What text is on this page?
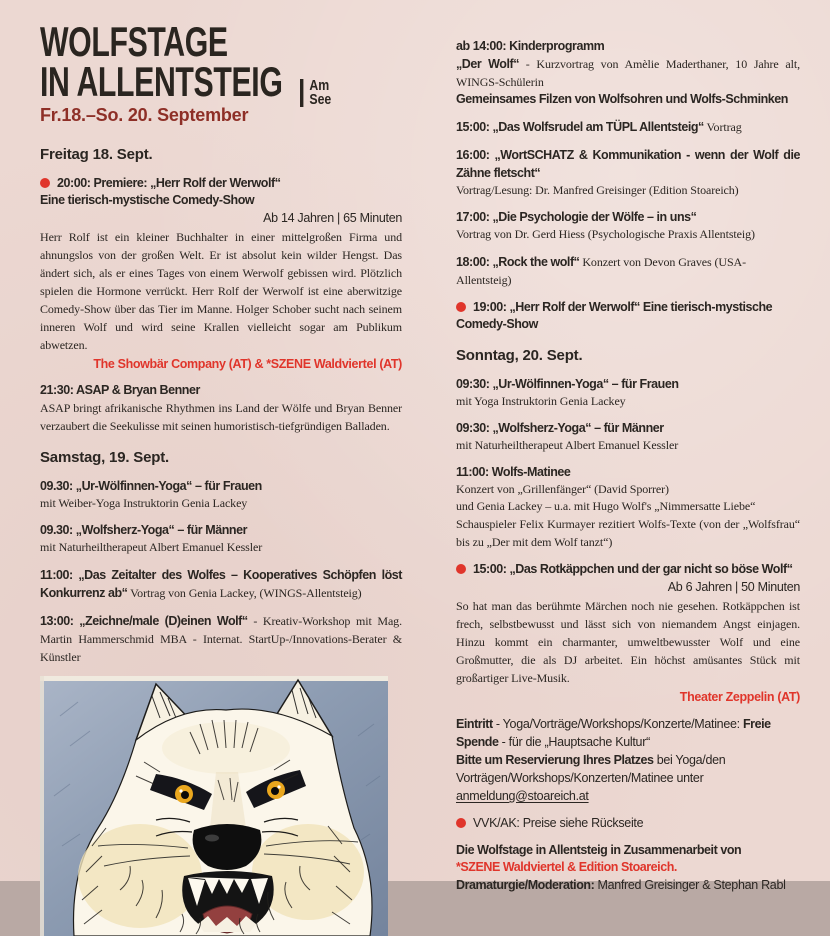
WOLFSTAGE
IN ALLENTSTEIG	Am
See
Fr.18.–So. 20. September
Freitag 18. Sept.
20:00: Premiere: „Herr Rolf der Werwolf“
Eine tierisch-mystische Comedy-Show
Ab 14 Jahren | 65 Minuten
Herr Rolf ist ein kleiner Buchhalter in einer mittelgroßen Firma und ahnungslos von der großen Welt. Er ist absolut kein wilder Hengst. Das ändert sich, als er eines Tages von einem Werwolf gebissen wird. Plötzlich spielen die Hormone verrückt. Herr Rolf der Werwolf ist eine aberwitzige Comedy-Show über das Tier im Manne. Holger Schober sucht nach seinem inneren Wolf und wird seine Krallen vielleicht sogar am Publikum abwetzen.
The Showbär Company (AT) & *SZENE Waldviertel (AT)
21:30: ASAP & Bryan Benner
ASAP bringt afrikanische Rhythmen ins Land der Wölfe und Bryan Benner verzaubert die Seekulisse mit seinen humoristisch-tiefgründigen Balladen.
Samstag, 19. Sept.
09.30: „Ur-Wölfinnen-Yoga“ – für Frauen
mit Weiber-Yoga Instruktorin Genia Lackey
09.30: „Wolfsherz-Yoga“ – für Männer
mit Naturheiltherapeut Albert Emanuel Kessler
11:00: „Das Zeitalter des Wolfes – Kooperatives Schöpfen löst Konkurrenz ab“ Vortrag von Genia Lackey, (WINGS-Allentsteig)
13:00: „Zeichne/male (D)einen Wolf“ - Kreativ-Workshop mit Mag. Martin Hammerschmid MBA - Internat. StartUp-/Innovations-Berater & Künstler
ab 14:00: Kinderprogramm
„Der Wolf“ - Kurzvortrag von Amèlie Maderthaner, 10 Jahre alt, WINGS-Schülerin
Gemeinsames Filzen von Wolfsohren und Wolfs-Schminken
15:00: „Das Wolfsrudel am TÜPL Allentsteig“ Vortrag
16:00: „WortSCHATZ & Kommunikation - wenn der Wolf die Zähne fletscht“
Vortrag/Lesung: Dr. Manfred Greisinger (Edition Stoareich)
17:00: „Die Psychologie der Wölfe – in uns“
Vortrag von Dr. Gerd Hiess (Psychologische Praxis Allentsteig)
18:00: „Rock the wolf“ Konzert von Devon Graves (USA-Allentsteig)
19:00: „Herr Rolf der Werwolf“ Eine tierisch-mystische Comedy-Show
Sonntag, 20. Sept.
09:30: „Ur-Wölfinnen-Yoga“ – für Frauen
mit Yoga Instruktorin Genia Lackey
09:30: „Wolfsherz-Yoga“ – für Männer
mit Naturheiltherapeut Albert Emanuel Kessler
11:00: Wolfs-Matinee
Konzert von „Grillenfänger“ (David Sporrer)
und Genia Lackey – u.a. mit Hugo Wolf's „Nimmersatte Liebe“
Schauspieler Felix Kurmayer rezitiert Wolfs-Texte (von der „Wolfsfrau“ bis zu „Der mit dem Wolf tanzt“)
15:00: „Das Rotkäppchen und der gar nicht so böse Wolf“
Ab 6 Jahren | 50 Minuten
So hat man das berühmte Märchen noch nie gesehen. Rotkäppchen ist frech, selbstbewusst und lässt sich von niemandem Angst einjagen. Hinzu kommt ein charmanter, umweltbewusster Wolf und eine Großmutter, die als DJ arbeitet. Ein höchst amüsantes Stück mit großartiger Live-Musik.
Theater Zeppelin (AT)
Eintritt - Yoga/Vorträge/Workshops/Konzerte/Matinee: Freie Spende - für die „Hauptsache Kultur“
Bitte um Reservierung Ihres Platzes bei Yoga/den Vorträgen/Workshops/Konzerten/Matinee unter anmeldung@stoareich.at
VVK/AK: Preise siehe Rückseite
Die Wolfstage in Allentsteig in Zusammenarbeit von
*SZENE Waldviertel & Edition Stoareich.
Dramaturgie/Moderation: Manfred Greisinger & Stephan Rabl
